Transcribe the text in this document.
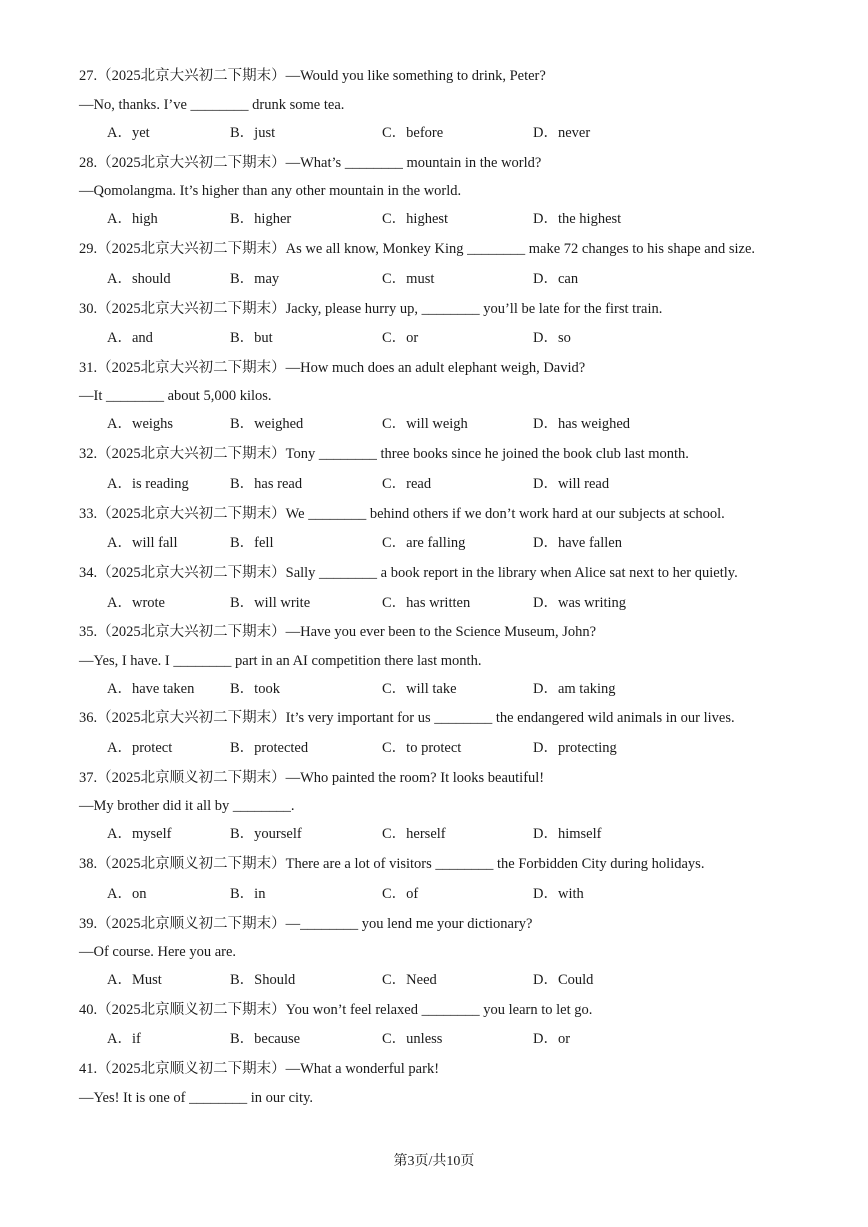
27.（2025北京大兴初二下期末）—Would you like something to drink, Peter?
—No, thanks. I’ve ________ drunk some tea.
A．yet	B．just	C．before	D．never
28.（2025北京大兴初二下期末）—What’s ________ mountain in the world?
—Qomolangma. It’s higher than any other mountain in the world.
A．high	B．higher	C．highest	D．the highest
29.（2025北京大兴初二下期末）As we all know, Monkey King ________ make 72 changes to his shape and size.
A．should	B．may	C．must	D．can
30.（2025北京大兴初二下期末）Jacky, please hurry up, ________ you’ll be late for the first train.
A．and	B．but	C．or	D．so
31.（2025北京大兴初二下期末）—How much does an adult elephant weigh, David?
—It ________ about 5,000 kilos.
A．weighs	B．weighed	C．will weigh	D．has weighed
32.（2025北京大兴初二下期末）Tony ________ three books since he joined the book club last month.
A．is reading	B．has read	C．read	D．will read
33.（2025北京大兴初二下期末）We ________ behind others if we don’t work hard at our subjects at school.
A．will fall	B．fell	C．are falling	D．have fallen
34.（2025北京大兴初二下期末）Sally ________ a book report in the library when Alice sat next to her quietly.
A．wrote	B．will write	C．has written	D．was writing
35.（2025北京大兴初二下期末）—Have you ever been to the Science Museum, John?
—Yes, I have. I ________ part in an AI competition there last month.
A．have taken B．took	C．will take	D．am taking
36.（2025北京大兴初二下期末）It’s very important for us ________ the endangered wild animals in our lives.
A．protect	B．protected	C．to protect	D．protecting
37.（2025北京顺义初二下期末）—Who painted the room? It looks beautiful!
—My brother did it all by ________.
A．myself	B．yourself	C．herself	D．himself
38.（2025北京顺义初二下期末）There are a lot of visitors ________ the Forbidden City during holidays.
A．on	B．in	C．of	D．with
39.（2025北京顺义初二下期末）—________ you lend me your dictionary?
—Of course. Here you are.
A．Must	B．Should	C．Need	D．Could
40.（2025北京顺义初二下期末）You won’t feel relaxed ________ you learn to let go.
A．if	B．because	C．unless	D．or
41.（2025北京顺义初二下期末）—What a wonderful park!
—Yes! It is one of ________ in our city.
第3页/共10页
